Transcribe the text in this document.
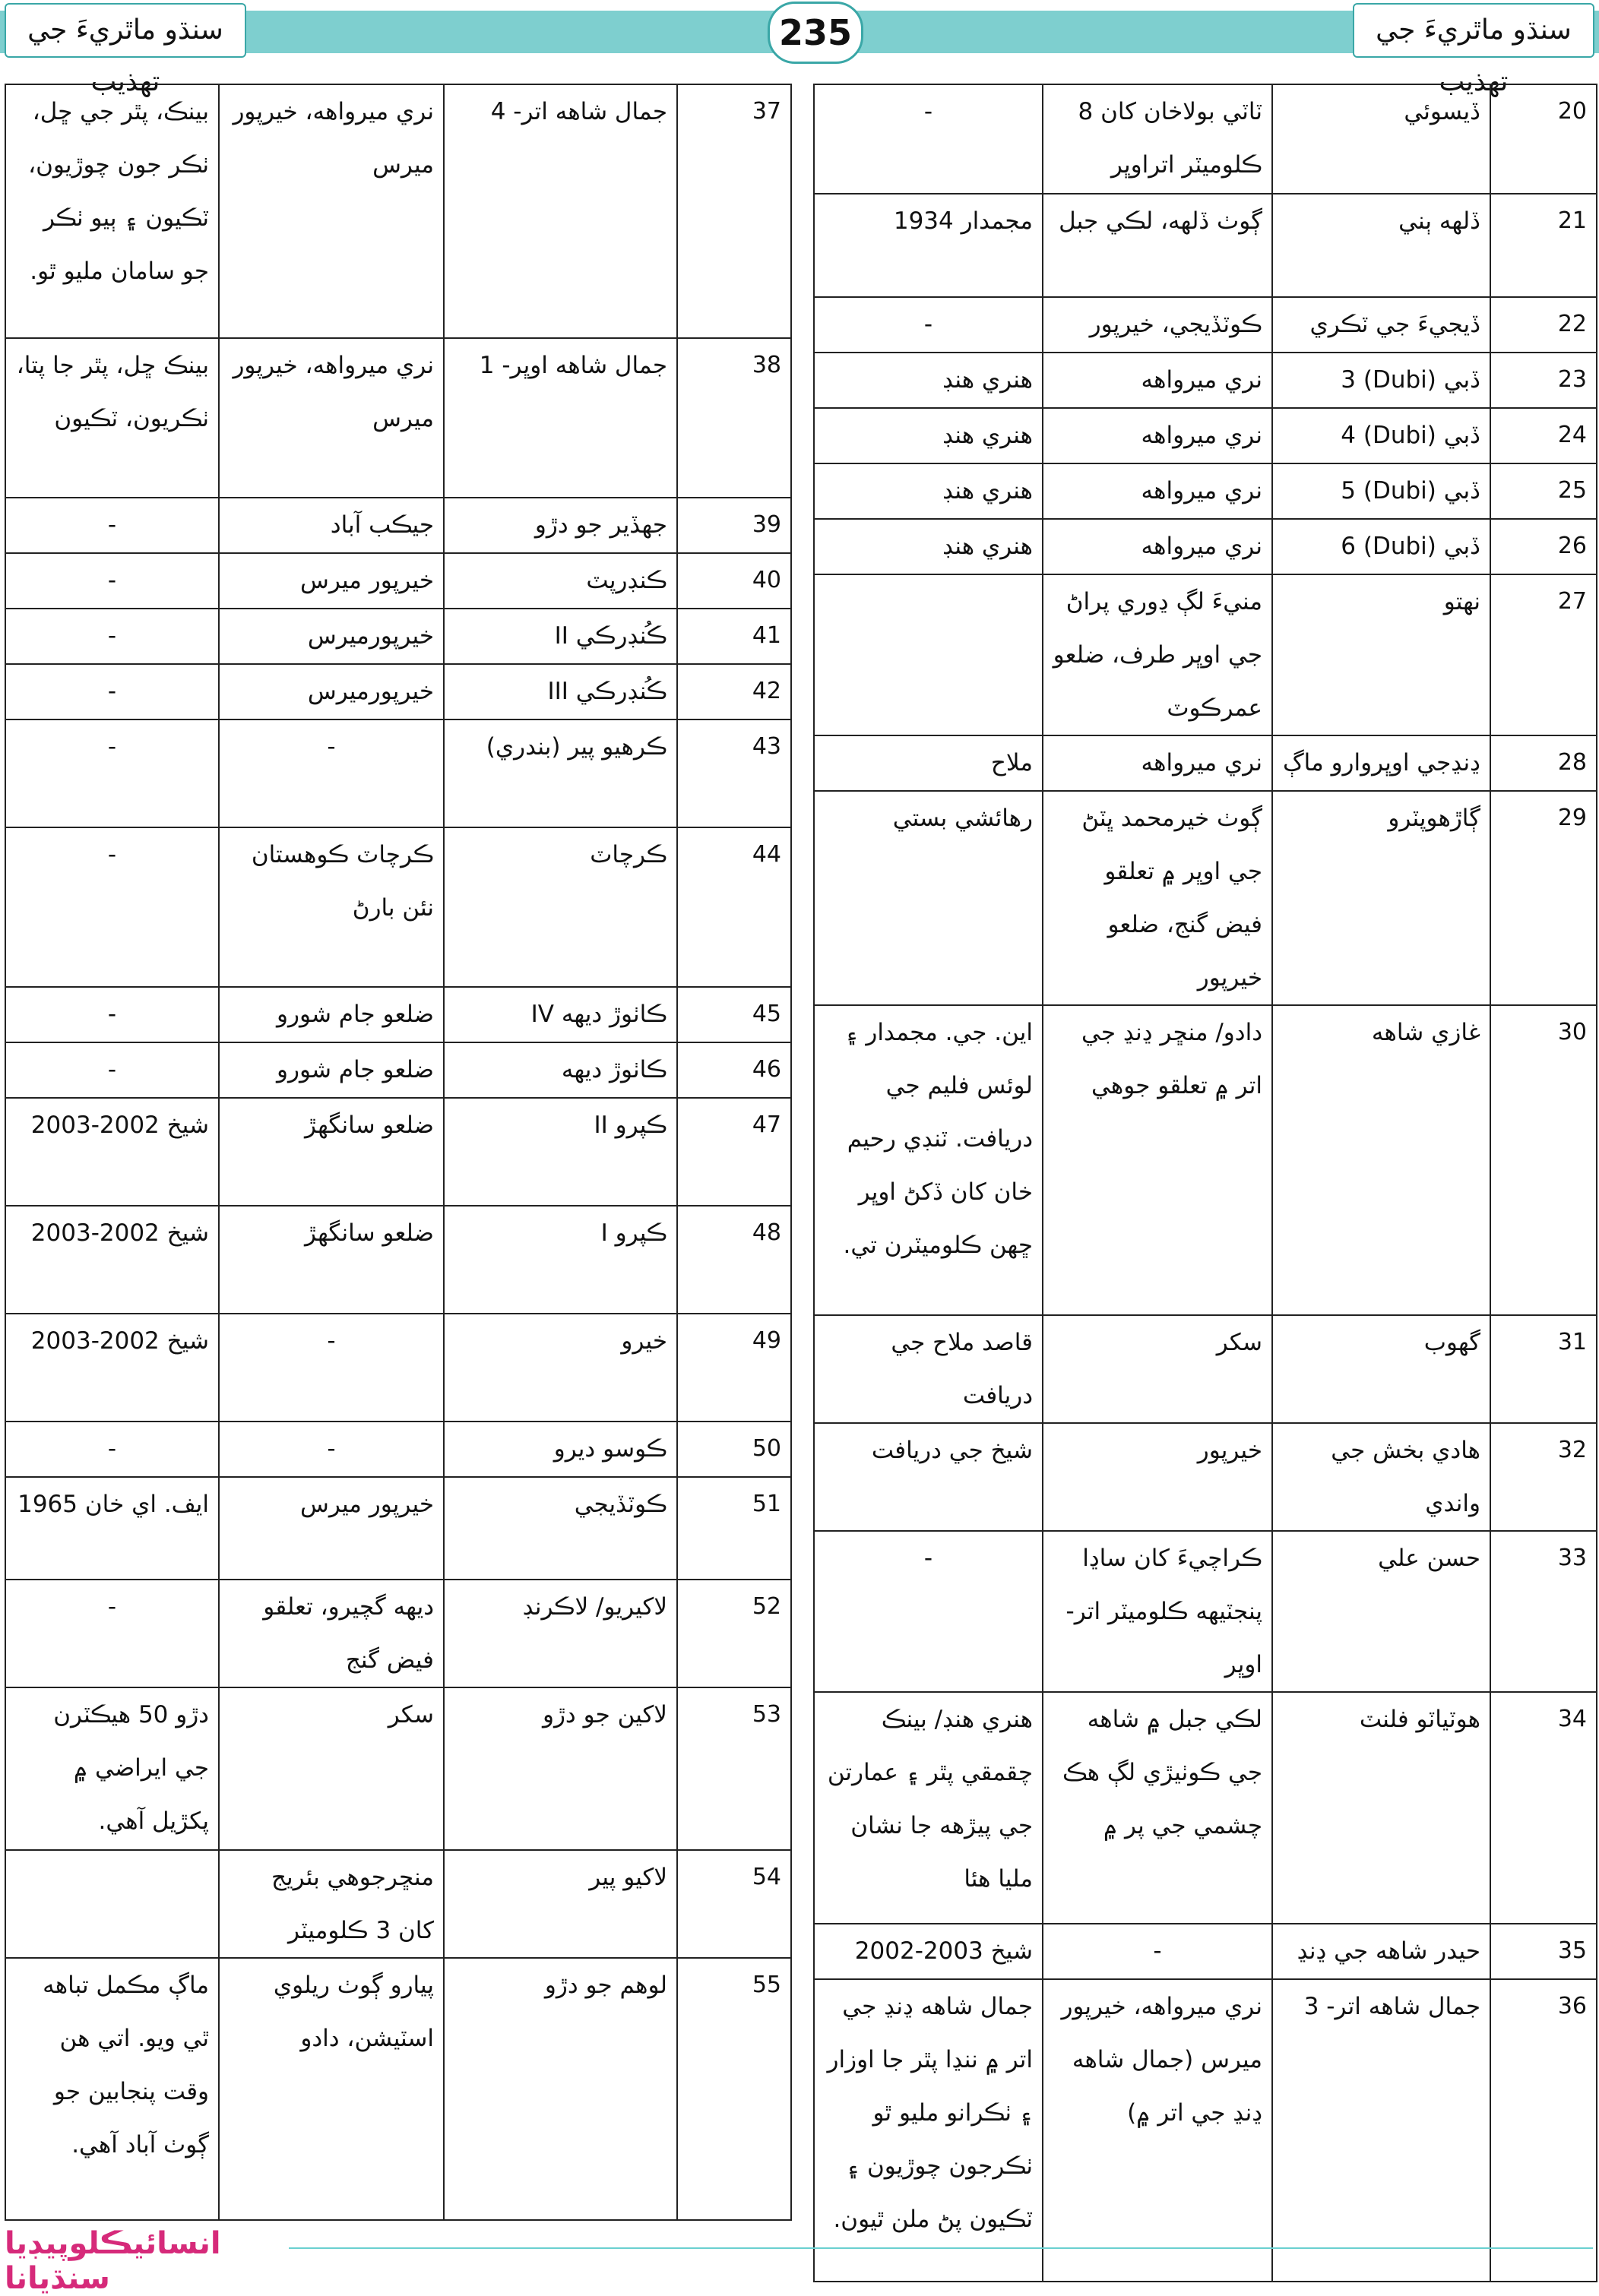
سنڌو ماٿريءَ جي تهذيب
235	سنڌو ماٿريءَ جي تهذيب
بينڪ، پٿر جي ڇل، ٺڪر جون چوڙيون، ٽڪيون ۽ ٻيو ٺڪر جو سامان مليو ٿو.	نري ميرواهه، خيرپور ميرس	جمال شاهه اتر- 4	37
بينڪ ڇل، پٿر جا پتا، ٺڪريون، ٽڪيون	نري ميرواهه، خيرپور ميرس	جمال شاهه اوڀر- 1	38
-	جيڪب آباد	جهڏير جو دڙو	39
-	خيرپور ميرس	ڪنڊرپٽ	40
-	خيرپورميرس	ڪُنڊرڪي II	41
-	خيرپورميرس	ڪُنڊرڪي III	42
-	-	ڪرهيو پير (بندري)	43
-	ڪرچاٽ ڪوهستان نئن بارڻ	ڪرچاٽ	44
-	ضلعو جام شورو	ڪاٺوڙ ديهه IV	45
-	ضلعو جام شورو	ڪاٺوڙ ديهه	46
شيخ 2002-2003	ضلعو سانگهڙ	ڪپرو II	47
شيخ 2002-2003	ضلعو سانگهڙ	ڪپرو I	48
شيخ 2002-2003	-	خيرو	49
-	-	ڪوسو ديرو	50
ايف. اي خان 1965	خيرپور ميرس	ڪوٽڏيجي	51
-	ديهه گچيرو، تعلقو فيض گنج	لاکيريو/ لاڪرنڊ	52
دڙو 50 هيڪٽرن جي ايراضي ۾ پکڙيل آهي.	سکر	لاکين جو دڙو	53
	منڇرجوهي بئريج کان 3 ڪلوميٽر	لاکيو پير	54
ماڳ مڪمل تباهه ٿي ويو. اتي هن وقت پنجابين جو ڳوٺ آباد آهي.	پيارو ڳوٺ ريلوي اسٽيشن، دادو	لوهم جو دڙو	55
-	ٽاٽي بولاخان کان 8 ڪلوميٽر اتراوڀر	ڏيسوئي	20
مجمدار 1934	ڳوٺ ڏلهه، لڪي جبل	ڏلهه ٻني	21
-	ڪوٽڏيجي، خيرپور	ڏيجيءَ جي ٽڪري	22
هنري هنڊ	نري ميرواهه	ڏبي (Dubi) 3	23
هنري هنڊ	نري ميرواهه	ڏبي (Dubi) 4	24
هنري هنڊ	نري ميرواهه	ڏبي (Dubi) 5	25
هنري هنڊ	نري ميرواهه	ڏبي (Dubi) 6	26
	منيءَ لڳ ڍوري پراڻ جي اوڀر طرف، ضلعو عمرڪوٽ	نهتو	27
ملاح	نري ميرواهه	ڍنڍجي اوڀروارو ماڳ	28
رهائشي بستي	ڳوٺ خيرمحمد ڀٽڻ جي اوڀر ۾ تعلقو فيض گنج، ضلعو خيرپور	ڳاڙهوپٽرو	29
اين. جي. مجمدار ۽ لوئس فليم جي دريافت. ٽنڊي رحيم خان کان ڏکڻ اوڀر ڇهن ڪلوميٽرن تي.	دادو/ منڇر ڍنڍ جي اتر ۾ تعلقو جوهي	غازي شاهه	30
قاصد ملاح جي دريافت	سکر	گهوب	31
شيخ جي دريافت	خيرپور	هادي بخش جي واندي	32
-	ڪراچيءَ کان ساڍا پنجٽيهه ڪلوميٽر اتر-اوڀر	حسن علي	33
هنري هنڊ/ بينڪ چقمقي پٿر ۽ عمارتن جي پيڙهه جا نشان مليا هئا	لڪي جبل ۾ شاهه جي ڪوٺيڙي لڳ هڪ چشمي جي پر ۾	هوٽياٽو فلنٽ	34
شيخ 2003-2002	-	حيدر شاهه جي ڍنڍ	35
جمال شاهه ڍنڍ جي اتر ۾ ننڍا پٿر جا اوزار ۽ ٺڪرانو مليو ٿو ٺڪرجون چوڙيون ۽ ٽڪيون پڻ ملن ٿيون.	نري ميرواهه، خيرپور ميرس (جمال شاهه ڍنڍ جي اتر ۾)	جمال شاهه اتر- 3	36
انسائيڪلوپيڊيا سنڌيانا
